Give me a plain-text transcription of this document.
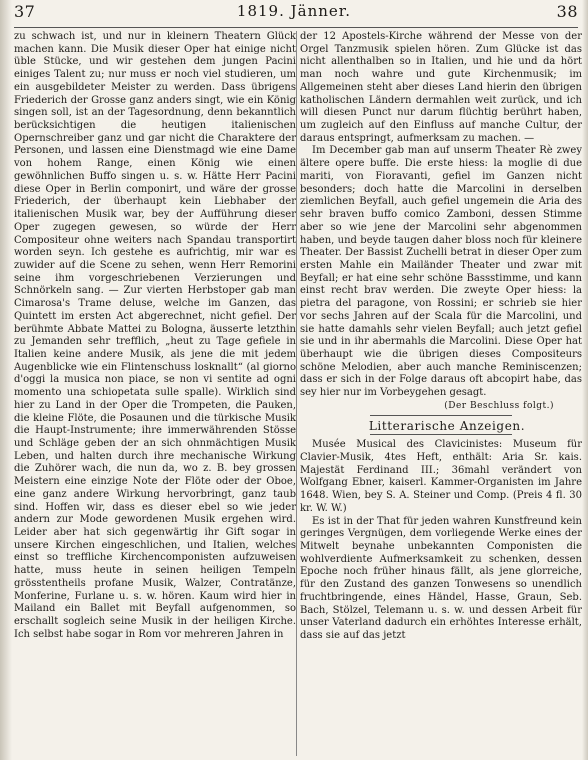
37	1819. Jänner.	38

zu schwach ist, und nur in kleinern Theatern Glück machen kann. Die Musik dieser Oper hat einige nicht üble Stücke, und wir gestehen dem jungen Pacini einiges Talent zu; nur muss er noch viel studieren, um ein ausgebildeter Meister zu werden. Dass übrigens Friederich der Grosse ganz anders singt, wie ein König singen soll, ist an der Tagesordnung, denn bekanntlich berücksichtigen die heutigen italienischen Opernschreiber ganz und gar nicht die Charaktere der Personen, und lassen eine Dienstmagd wie eine Dame von hohem Range, einen König wie einen gewöhnlichen Buffo singen u. s. w. Hätte Herr Pacini diese Oper in Berlin componirt, und wäre der grosse Friederich, der überhaupt kein Liebhaber der italienischen Musik war, bey der Aufführung dieser Oper zugegen gewesen, so würde der Herr Compositeur ohne weiters nach Spandau transportirt worden seyn. Ich gestehe es aufrichtig, mir war es zuwider auf die Scene zu sehen, wenn Herr Remorini seine ihm vorgeschriebenen Verzierungen und Schnörkeln sang. — Zur vierten Herbstoper gab man Cimarosa's Trame deluse, welche im Ganzen, das Quintett im ersten Act abgerechnet, nicht gefiel. Der berühmte Abbate Mattei zu Bologna, äusserte letzthin zu Jemanden sehr trefflich, „heut zu Tage gefiele in Italien keine andere Musik, als jene die mit jedem Augenblicke wie ein Flintenschuss losknallt“ (al giorno d'oggi la musica non piace, se non vi sentite ad ogni momento una schiopetata sulle spalle). Wirklich sind hier zu Land in der Oper die Trompeten, die Pauken, die kleine Flöte, die Posaunen und die türkische Musik die Haupt-Instrumente; ihre immerwährenden Stösse und Schläge geben der an sich ohnmächtigen Musik Leben, und halten durch ihre mechanische Wirkung die Zuhörer wach, die nun da, wo z. B. bey grossen Meistern eine einzige Note der Flöte oder der Oboe, eine ganz andere Wirkung hervorbringt, ganz taub sind. Hoffen wir, dass es dieser ebel so wie jeder andern zur Mode gewordenen Musik ergehen wird. Leider aber hat sich gegenwärtig ihr Gift sogar in unsere Kirchen eingeschlichen, und Italien, welches einst so treffliche Kirchencomponisten aufzuweisen hatte, muss heute in seinen heiligen Tempeln grösstentheils profane Musik, Walzer, Contratänze, Monferine, Furlane u. s. w. hören. Kaum wird hier in Mailand ein Ballet mit Beyfall aufgenommen, so erschallt sogleich seine Musik in der heiligen Kirche. Ich selbst habe sogar in Rom vor mehreren Jahren in

der 12 Apostels-Kirche während der Messe von der Orgel Tanzmusik spielen hören. Zum Glücke ist das nicht allenthalben so in Italien, und hie und da hört man noch wahre und gute Kirchenmusik; im Allgemeinen steht aber dieses Land hierin den übrigen katholischen Ländern dermahlen weit zurück, und ich will diesen Punct nur darum flüchtig berührt haben, um zugleich auf den Einfluss auf manche Cultur, der daraus entspringt, aufmerksam zu machen. —

Im December gab man auf unserm Theater Rè zwey ältere opere buffe. Die erste hiess: la moglie di due mariti, von Fioravanti, gefiel im Ganzen nicht besonders; doch hatte die Marcolini in derselben ziemlichen Beyfall, auch gefiel ungemein die Aria des sehr braven buffo comico Zamboni, dessen Stimme aber so wie jene der Marcolini sehr abgenommen haben, und beyde taugen daher bloss noch für kleinere Theater. Der Bassist Zuchelli betrat in dieser Oper zum ersten Mahle ein Mailänder Theater und zwar mit Beyfall; er hat eine sehr schöne Bassstimme, und kann einst recht brav werden. Die zweyte Oper hiess: la pietra del paragone, von Rossini; er schrieb sie hier vor sechs Jahren auf der Scala für die Marcolini, und sie hatte damahls sehr vielen Beyfall; auch jetzt gefiel sie und in ihr abermahls die Marcolini. Diese Oper hat überhaupt wie die übrigen dieses Compositeurs schöne Melodien, aber auch manche Reminiscenzen; dass er sich in der Folge daraus oft abcopirt habe, das sey hier nur im Vorbeygehen gesagt.

(Der Beschluss folgt.)

Litterarische Anzeigen.

Musée Musical des Clavicinistes: Museum für Clavier-Musik, 4tes Heft, enthält: Aria Sr. kais. Majestät Ferdinand III.; 36mahl verändert von Wolfgang Ebner, kaiserl. Kammer-Organisten im Jahre 1648. Wien, bey S. A. Steiner und Comp. (Preis 4 fl. 30 kr. W. W.)

Es ist in der That für jeden wahren Kunstfreund kein geringes Vergnügen, dem vorliegende Werke eines der Mitwelt beynahe unbekannten Componisten die wohlverdiente Aufmerksamkeit zu schenken, dessen Epoche noch früher hinaus fällt, als jene glorreiche, für den Zustand des ganzen Tonwesens so unendlich fruchtbringende, eines Händel, Hasse, Graun, Seb. Bach, Stölzel, Telemann u. s. w. und dessen Arbeit für unser Vaterland dadurch ein erhöhtes Interesse erhält, dass sie auf das jetzt
